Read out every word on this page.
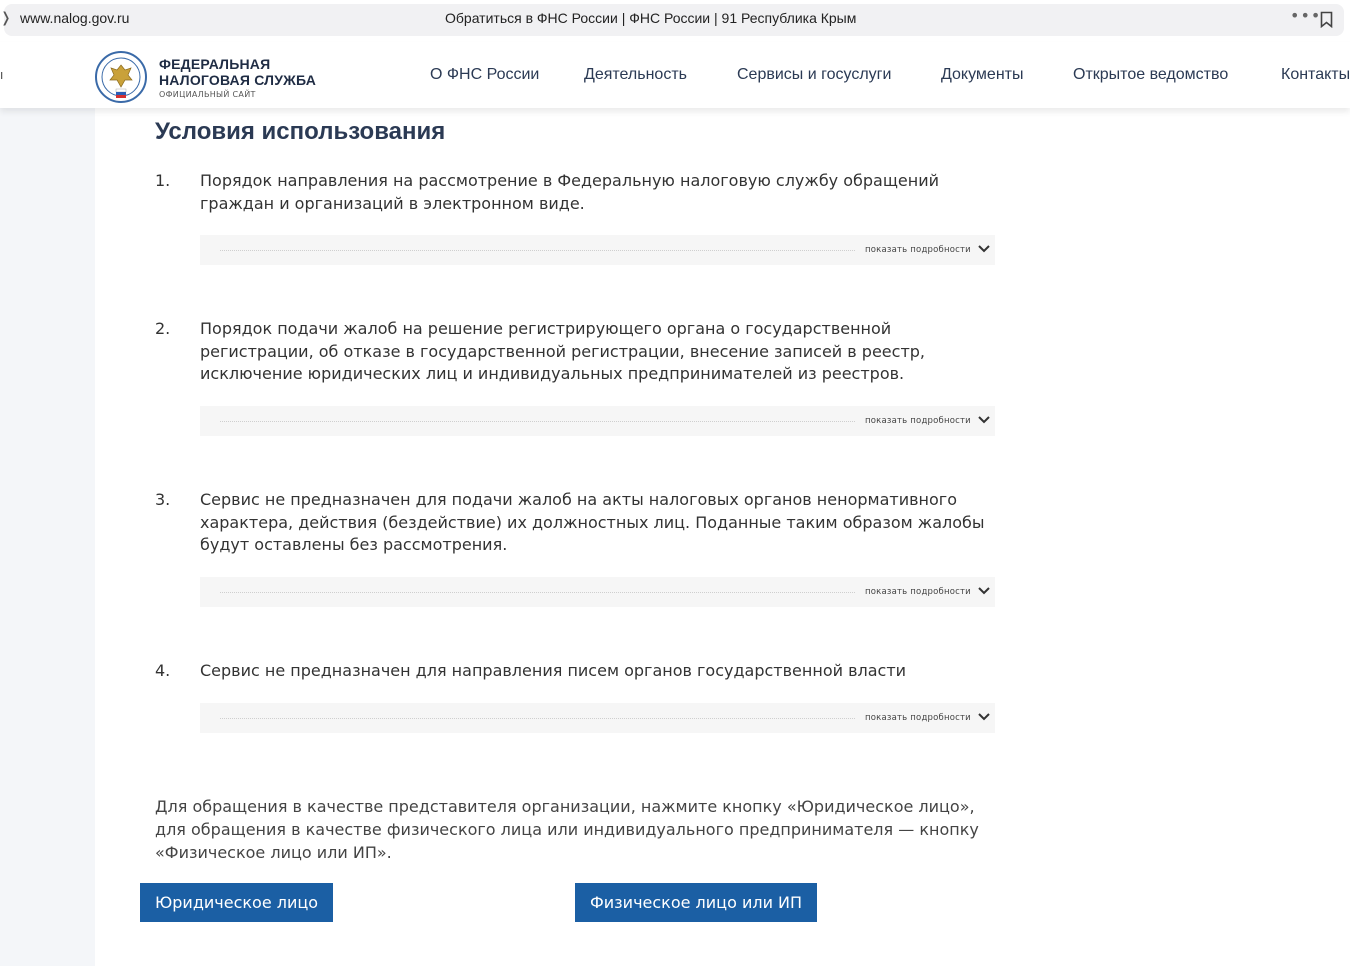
❭ www.nalog.gov.ru	Обратиться в ФНС России | ФНС России | 91 Республика Крым	•••
ı
ФЕДЕРАЛЬНАЯ
НАЛОГОВАЯ СЛУЖБА
ОФИЦИАЛЬНЫЙ САЙТ
О ФНС России	Деятельность	Сервисы и госуслуги	Документы	Открытое ведомство	Контакты
Условия использования
1. Порядок направления на рассмотрение в Федеральную налоговую службу обращений граждан и организаций в электронном виде.
показать подробности
2. Порядок подачи жалоб на решение регистрирующего органа о государственной регистрации, об отказе в государственной регистрации, внесение записей в реестр, исключение юридических лиц и индивидуальных предпринимателей из реестров.
показать подробности
3. Сервис не предназначен для подачи жалоб на акты налоговых органов ненормативного характера, действия (бездействие) их должностных лиц. Поданные таким образом жалобы будут оставлены без рассмотрения.
показать подробности
4. Сервис не предназначен для направления писем органов государственной власти
показать подробности

Для обращения в качестве представителя организации, нажмите кнопку «Юридическое лицо», для обращения в качестве физического лица или индивидуального предпринимателя — кнопку «Физическое лицо или ИП».

Юридическое лицо	Физическое лицо или ИП
